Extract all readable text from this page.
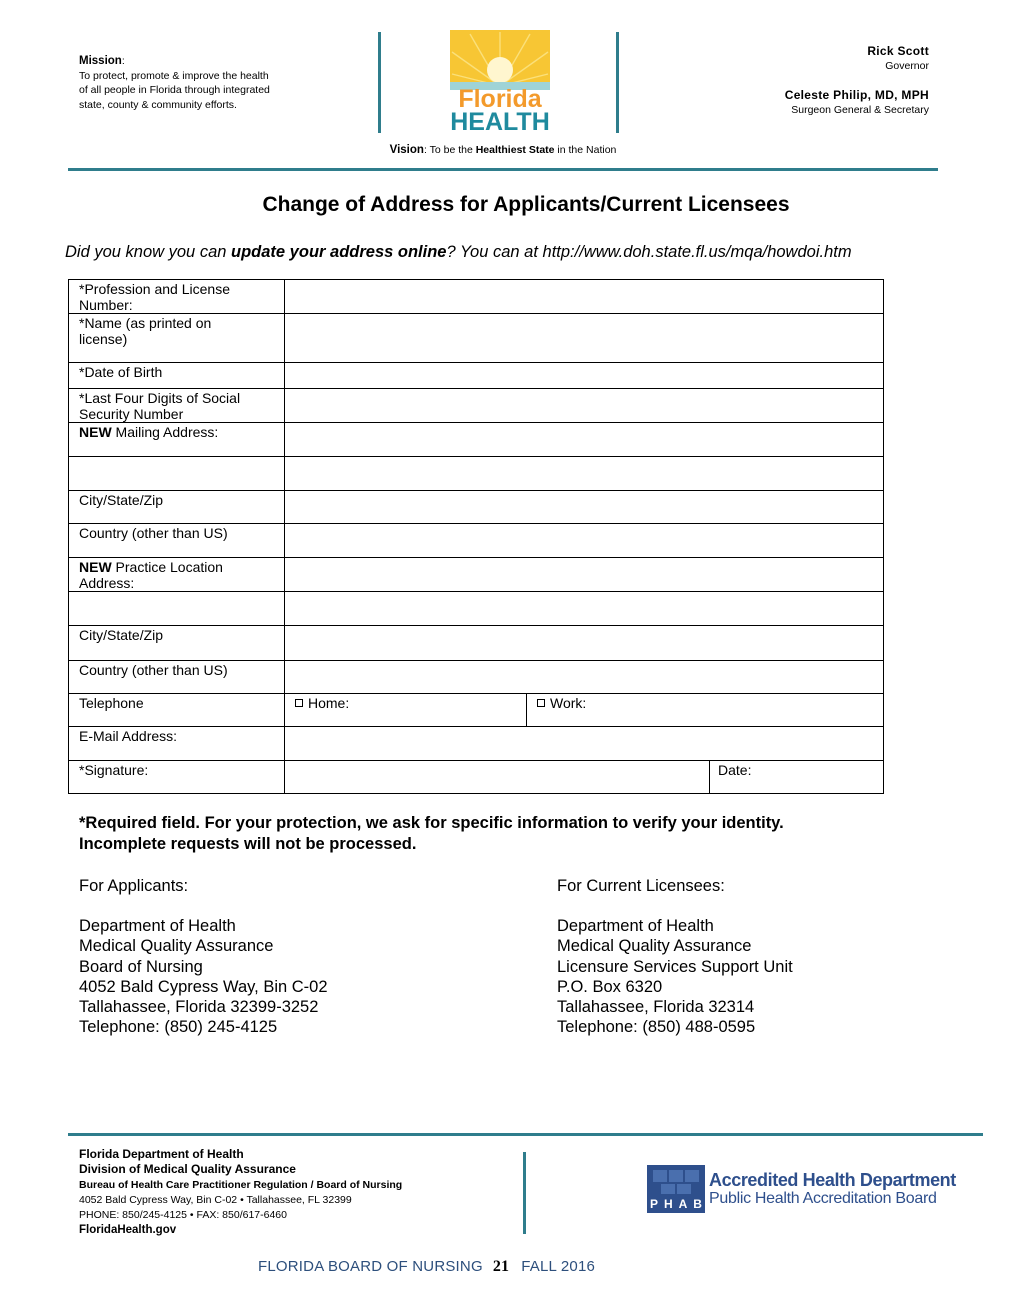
Mission:
To protect, promote & improve the health
of all people in Florida through integrated
state, county & community efforts.	Florida
HEALTH
Rick Scott
Governor
Celeste Philip, MD, MPH
Surgeon General & Secretary
Vision: To be the Healthiest State in the Nation
Change of Address for Applicants/Current Licensees
Did you know you can update your address online? You can at http://www.doh.state.fl.us/mqa/howdoi.htm
*Profession and License
Number:			
*Name (as printed on
license)			
*Date of Birth			
*Last Four Digits of Social
Security Number			
NEW Mailing Address:			

City/State/Zip			
Country (other than US)			
NEW Practice Location
Address:			

City/State/Zip			
Country (other than US)			
Telephone	Home:	Work:	
E-Mail Address:			
*Signature:			Date:
*Required field. For your protection, we ask for specific information to verify your identity.
Incomplete requests will not be processed.
For Applicants:
Department of Health
Medical Quality Assurance
Board of Nursing
4052 Bald Cypress Way, Bin C-02
Tallahassee, Florida 32399-3252
Telephone: (850) 245-4125
For Current Licensees:
Department of Health
Medical Quality Assurance
Licensure Services Support Unit
P.O. Box 6320
Tallahassee, Florida 32314
Telephone: (850) 488-0595
Florida Department of Health
Division of Medical Quality Assurance
Bureau of Health Care Practitioner Regulation / Board of Nursing
4052 Bald Cypress Way, Bin C-02 • Tallahassee, FL 32399
PHONE: 850/245-4125 • FAX: 850/617-6460
FloridaHealth.gov
P H A B
Accredited Health Department
Public Health Accreditation Board
FLORIDA BOARD OF NURSING 21 FALL 2016
